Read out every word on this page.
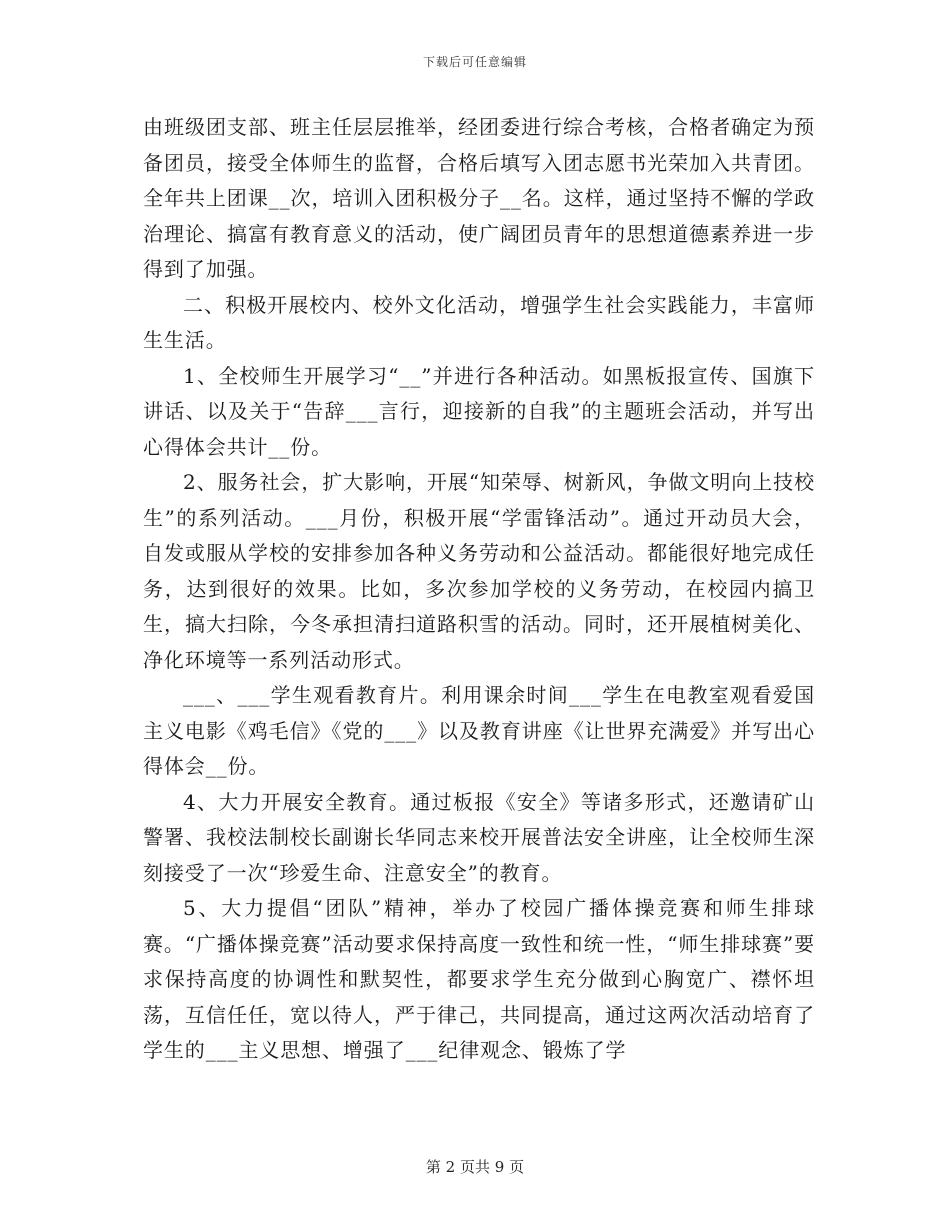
下载后可任意编辑

由班级团支部、班主任层层推举，经团委进行综合考核，合格者确定为预备团员，接受全体师生的监督，合格后填写入团志愿书光荣加入共青团。全年共上团课__次，培训入团积极分子__名。这样，通过坚持不懈的学政治理论、搞富有教育意义的活动，使广阔团员青年的思想道德素养进一步得到了加强。

二、积极开展校内、校外文化活动，增强学生社会实践能力，丰富师生生活。

1、全校师生开展学习“__”并进行各种活动。如黑板报宣传、国旗下讲话、以及关于“告辞___言行，迎接新的自我”的主题班会活动，并写出心得体会共计__份。

2、服务社会，扩大影响，开展“知荣辱、树新风，争做文明向上技校生”的系列活动。___月份，积极开展“学雷锋活动”。通过开动员大会，自发或服从学校的安排参加各种义务劳动和公益活动。都能很好地完成任务，达到很好的效果。比如，多次参加学校的义务劳动，在校园内搞卫生，搞大扫除，今冬承担清扫道路积雪的活动。同时，还开展植树美化、净化环境等一系列活动形式。

___、___学生观看教育片。利用课余时间___学生在电教室观看爱国主义电影《鸡毛信》《党的___》以及教育讲座《让世界充满爱》并写出心得体会__份。

4、大力开展安全教育。通过板报《安全》等诸多形式，还邀请矿山警署、我校法制校长副谢长华同志来校开展普法安全讲座，让全校师生深刻接受了一次“珍爱生命、注意安全”的教育。

5、大力提倡“团队”精神，举办了校园广播体操竞赛和师生排球赛。“广播体操竞赛”活动要求保持高度一致性和统一性，“师生排球赛”要求保持高度的协调性和默契性，都要求学生充分做到心胸宽广、襟怀坦荡，互信任任，宽以待人，严于律己，共同提高，通过这两次活动培育了学生的___主义思想、增强了___纪律观念、锻炼了学

第 2 页共 9 页
